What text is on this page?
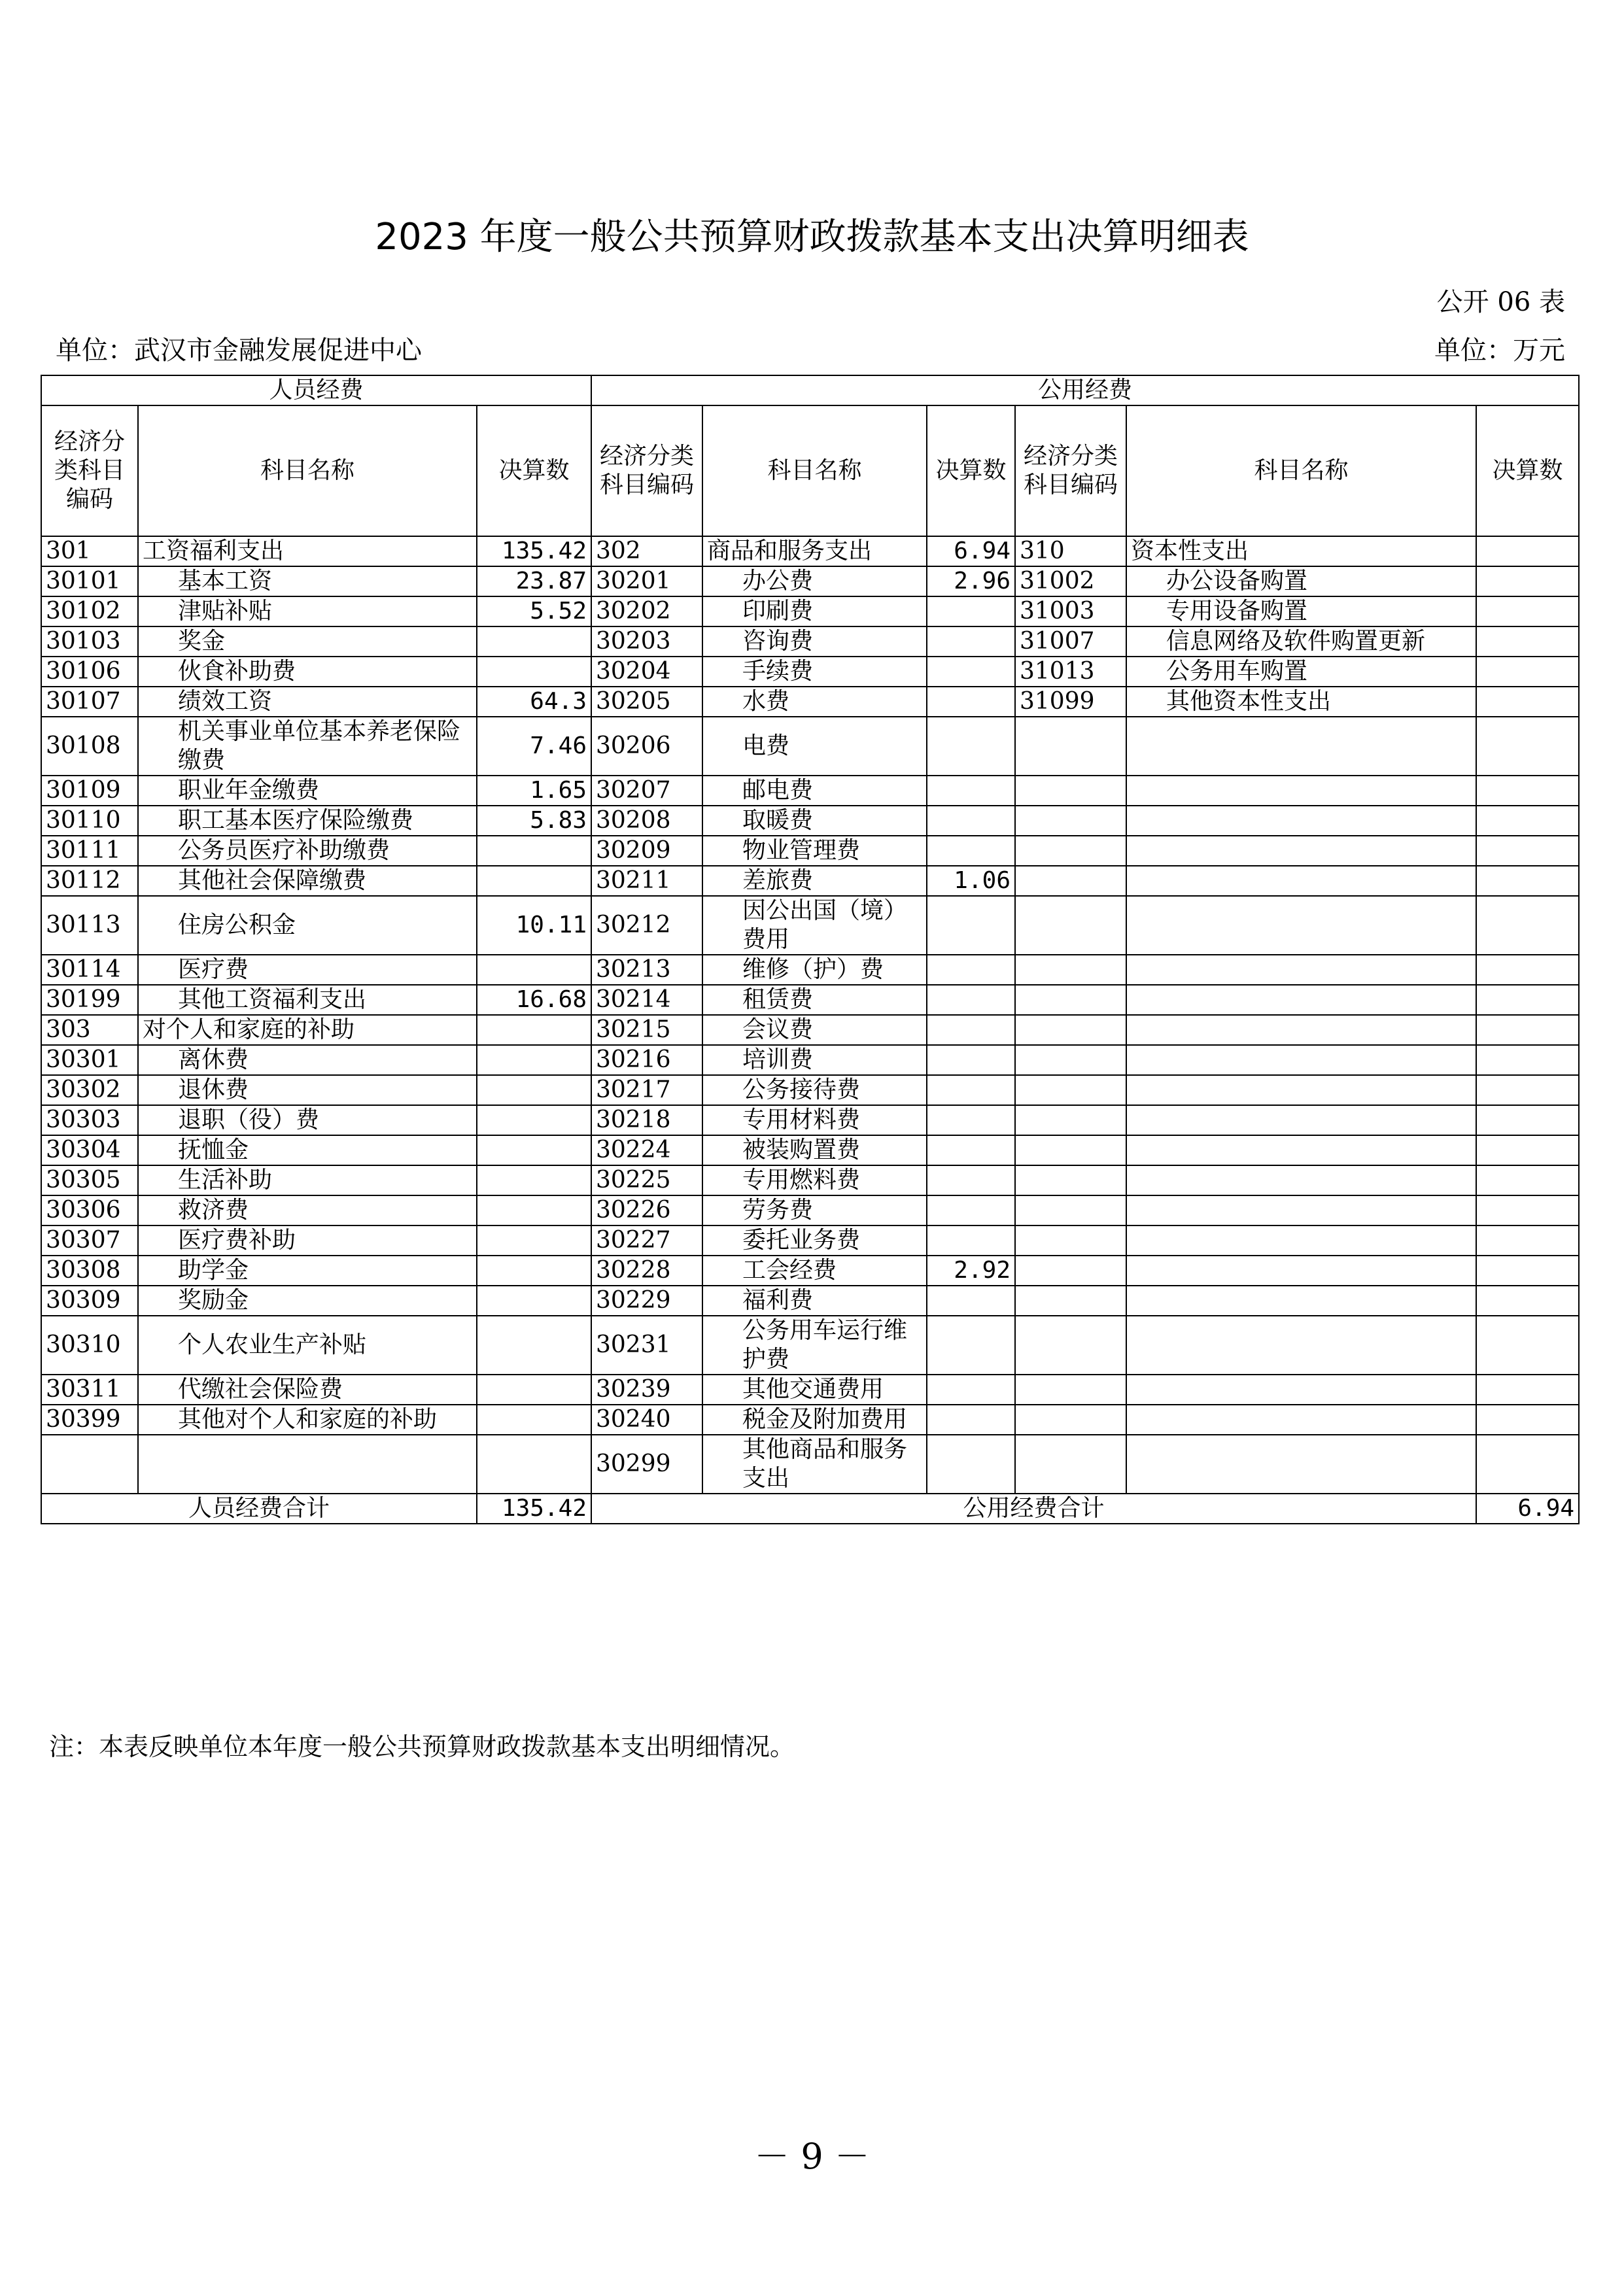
2023 年度一般公共预算财政拨款基本支出决算明细表
公开 06 表
单位：武汉市金融发展促进中心	单位：万元
人员经费			公用经费					
经济分类科目编码	科目名称	决算数	经济分类科目编码	科目名称	决算数	经济分类科目编码	科目名称	决算数
301	工资福利支出	135.42	302	商品和服务支出	6.94	310	资本性支出	
30101	基本工资	23.87	30201	办公费	2.96	31002	办公设备购置	
30102	津贴补贴	5.52	30202	印刷费		31003	专用设备购置	
30103	奖金		30203	咨询费		31007	信息网络及软件购置更新	
30106	伙食补助费		30204	手续费		31013	公务用车购置	
30107	绩效工资	64.3	30205	水费		31099	其他资本性支出	
30108	机关事业单位基本养老保险缴费	7.46	30206	电费				
30109	职业年金缴费	1.65	30207	邮电费				
30110	职工基本医疗保险缴费	5.83	30208	取暖费				
30111	公务员医疗补助缴费		30209	物业管理费				
30112	其他社会保障缴费		30211	差旅费	1.06			
30113	住房公积金	10.11	30212	因公出国（境）费用				
30114	医疗费		30213	维修（护）费				
30199	其他工资福利支出	16.68	30214	租赁费				
303	对个人和家庭的补助		30215	会议费				
30301	离休费		30216	培训费				
30302	退休费		30217	公务接待费				
30303	退职（役）费		30218	专用材料费				
30304	抚恤金		30224	被装购置费				
30305	生活补助		30225	专用燃料费				
30306	救济费		30226	劳务费				
30307	医疗费补助		30227	委托业务费				
30308	助学金		30228	工会经费	2.92			
30309	奖励金		30229	福利费				
30310	个人农业生产补贴		30231	公务用车运行维护费				
30311	代缴社会保险费		30239	其他交通费用				
30399	其他对个人和家庭的补助		30240	税金及附加费用				
			30299	其他商品和服务支出				
人员经费合计		135.42	公用经费合计					6.94
注：本表反映单位本年度一般公共预算财政拨款基本支出明细情况。
－ 9 －
